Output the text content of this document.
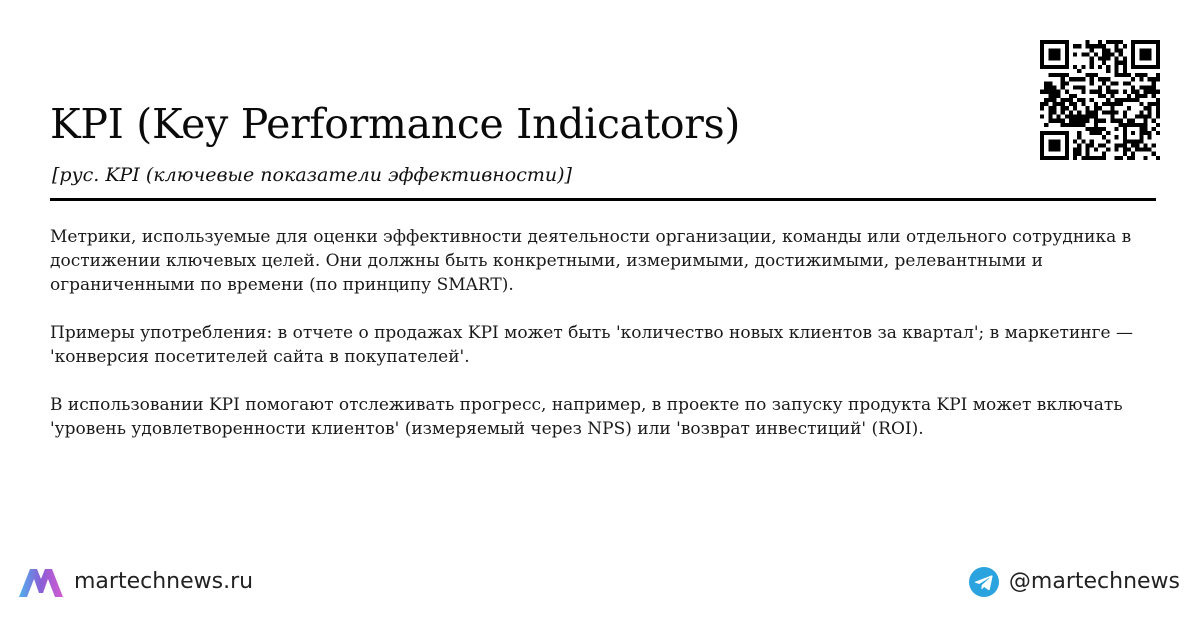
KPI (Key Performance Indicators)
[рус. KPI (ключевые показатели эффективности)]

Метрики, используемые для оценки эффективности деятельности организации, команды или отдельного сотрудника в достижении ключевых целей. Они должны быть конкретными, измеримыми, достижимыми, релевантными и ограниченными по времени (по принципу SMART).

Примеры употребления: в отчете о продажах KPI может быть 'количество новых клиентов за квартал'; в маркетинге — 'конверсия посетителей сайта в покупателей'.

В использовании KPI помогают отслеживать прогресс, например, в проекте по запуску продукта KPI может включать 'уровень удовлетворенности клиентов' (измеряемый через NPS) или 'возврат инвестиций' (ROI).

martechnews.ru	@martechnews
